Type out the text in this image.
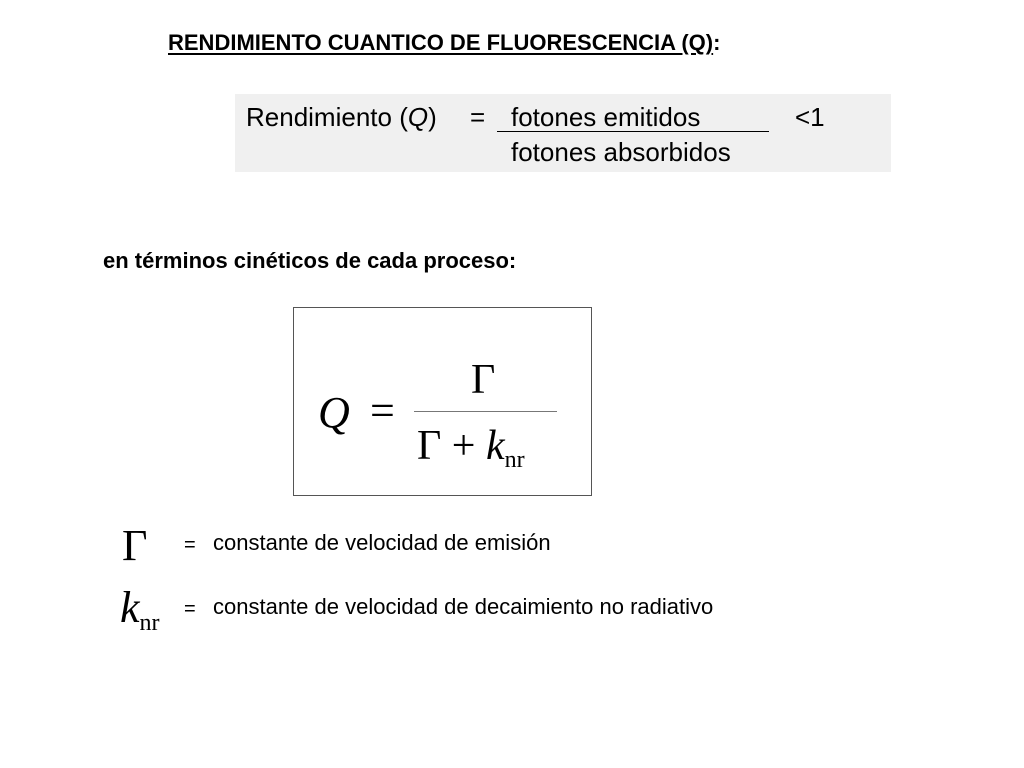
RENDIMIENTO CUANTICO DE FLUORESCENCIA (Q):
Rendimiento (Q) = fotones emitidos
fotones absorbidos
<1
en términos cinéticos de cada proceso:
Q =
Γ
$\Gamma + k_{nr}$
Γ = constante de velocidad de emisión
$k_{nr}$
= constante de velocidad de decaimiento no radiativo
